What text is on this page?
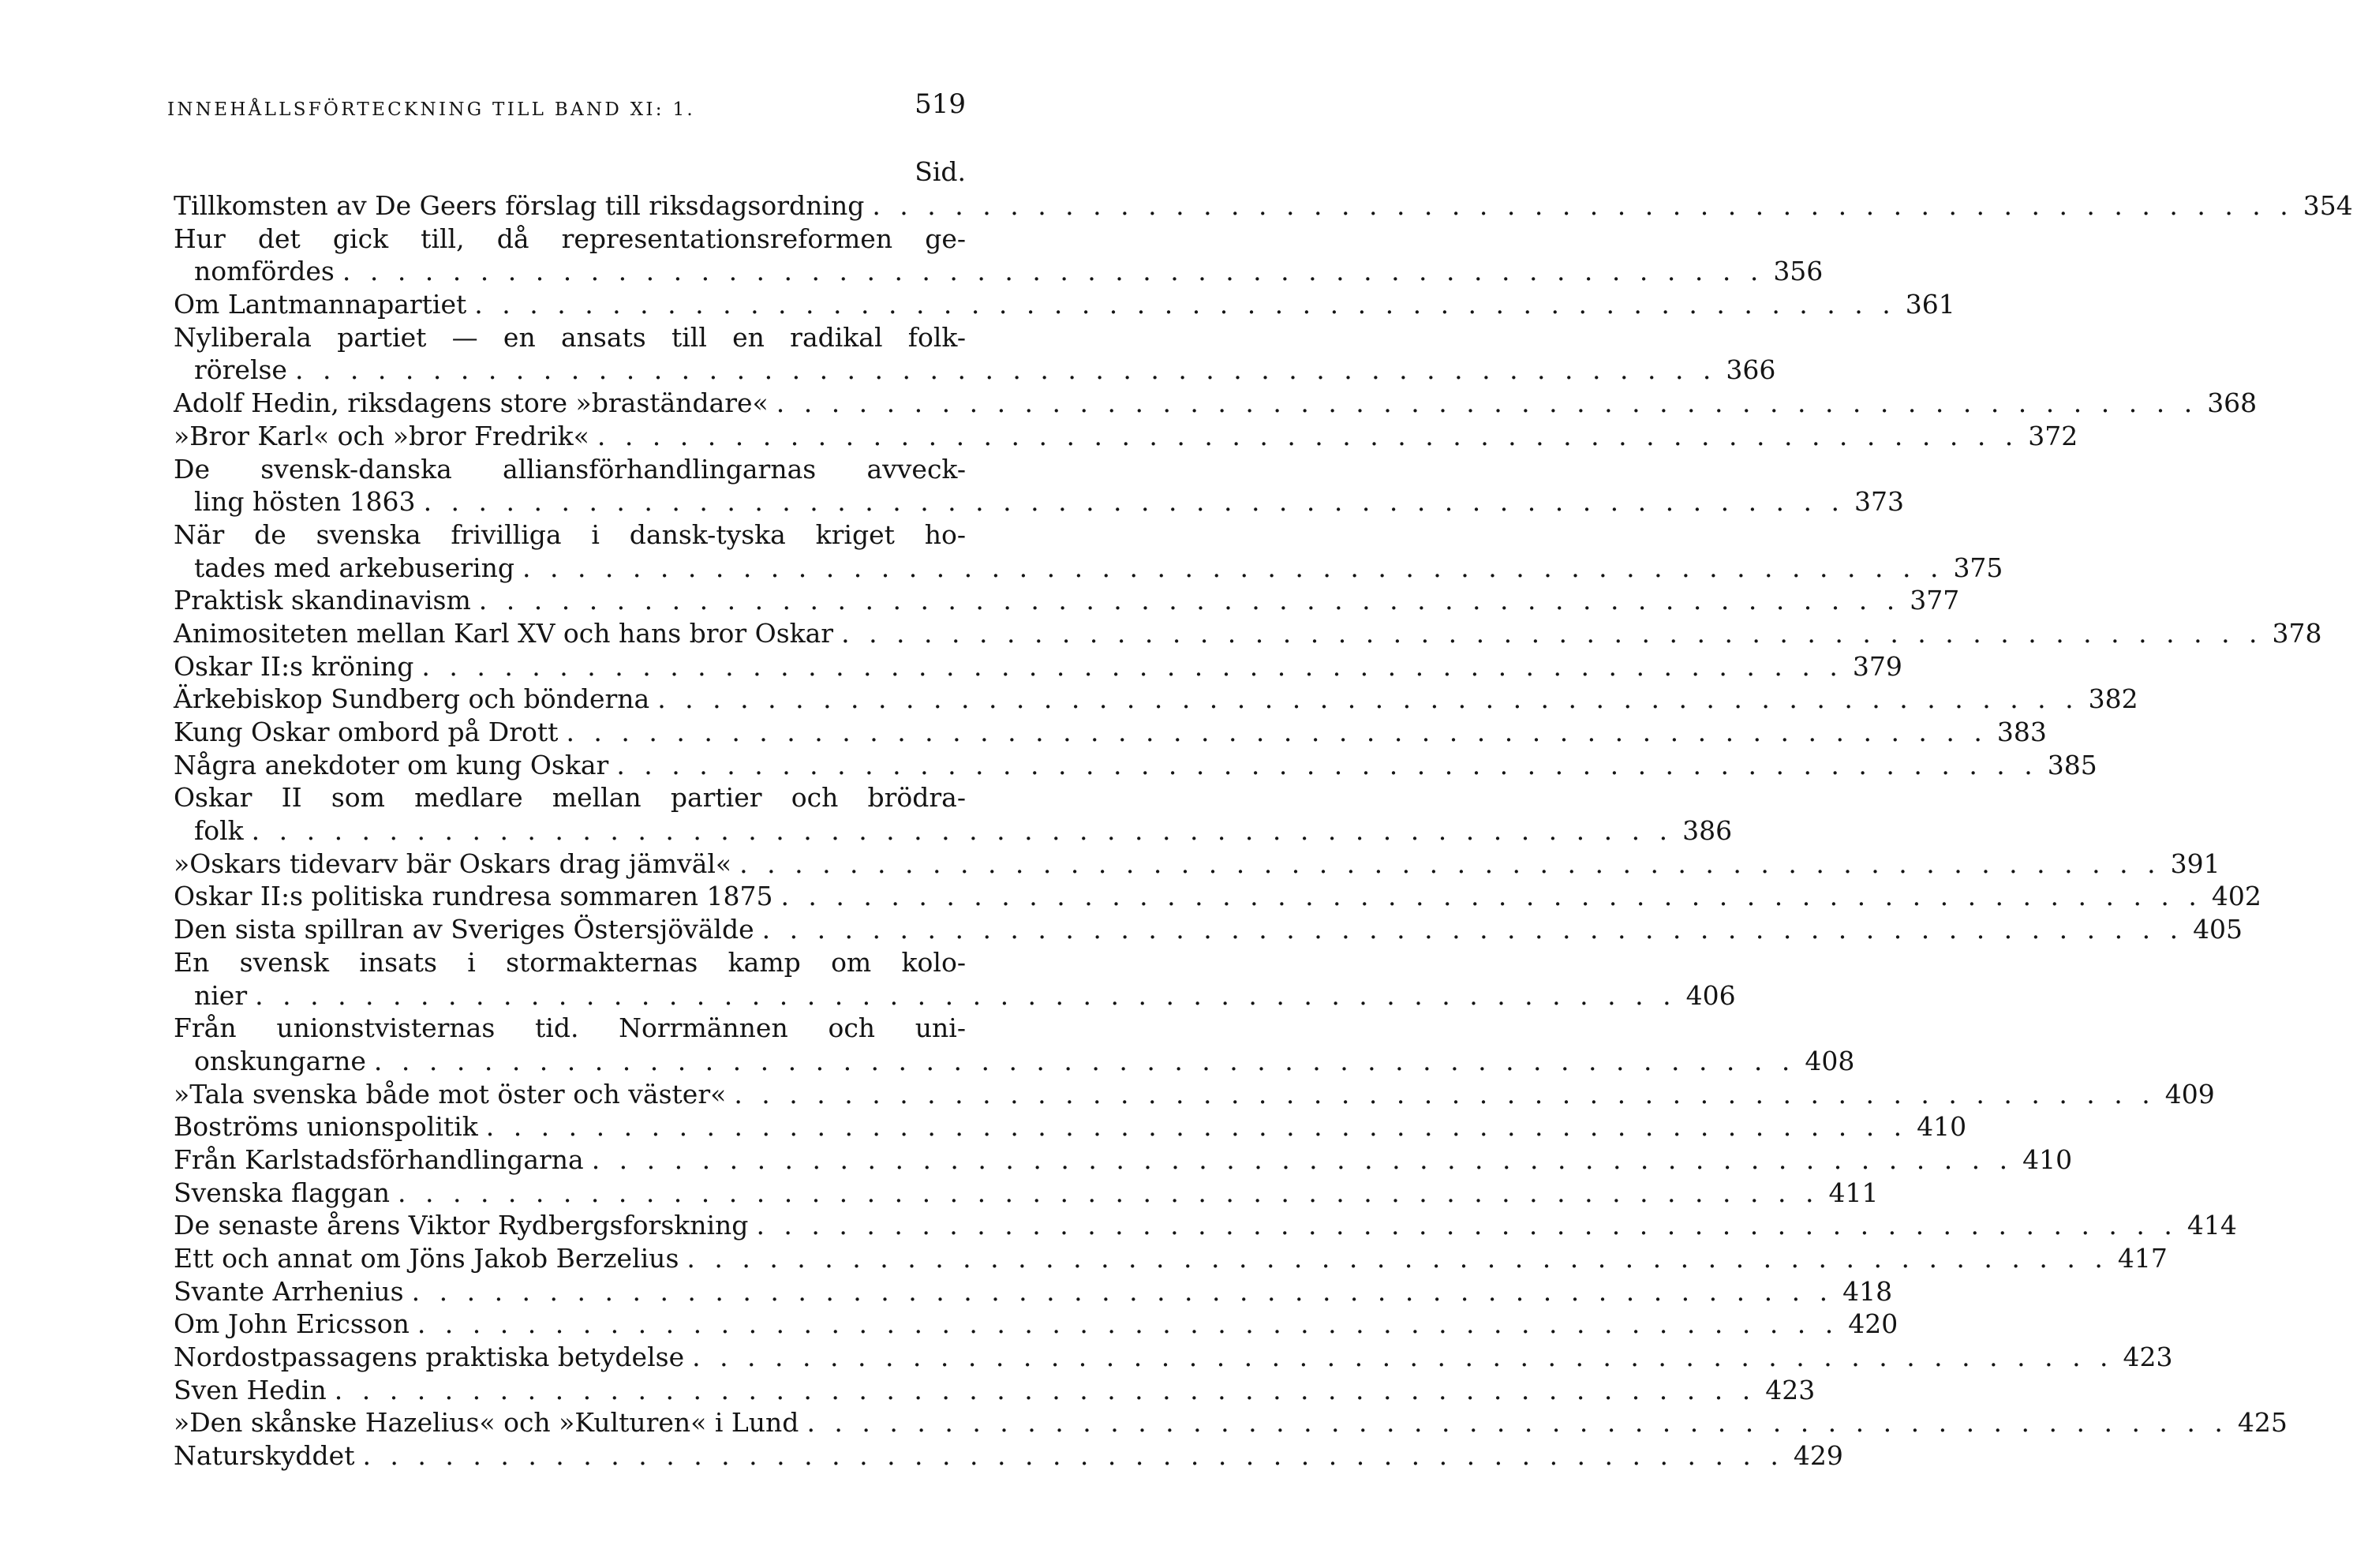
INNEHÅLLSFÖRTECKNING TILL BAND XI: 1.	519
Sid.
Tillkomsten av De Geers förslag till riksdagsordning . . . . . . . . . . . . . . . . . . . . . . . . . . . . . . . . . . . . . . . . . . . . . . . . . . . . 354
Hur det gick till, då representationsreformen ge-
nomfördes . . . . . . . . . . . . . . . . . . . . . . . . . . . . . . . . . . . . . . . . . . . . . . . . . . . . 356
Om Lantmannapartiet . . . . . . . . . . . . . . . . . . . . . . . . . . . . . . . . . . . . . . . . . . . . . . . . . . . . 361
Nyliberala partiet — en ansats till en radikal folk-
rörelse . . . . . . . . . . . . . . . . . . . . . . . . . . . . . . . . . . . . . . . . . . . . . . . . . . . . 366
Adolf Hedin, riksdagens store »braständare« . . . . . . . . . . . . . . . . . . . . . . . . . . . . . . . . . . . . . . . . . . . . . . . . . . . . 368
»Bror Karl« och »bror Fredrik« . . . . . . . . . . . . . . . . . . . . . . . . . . . . . . . . . . . . . . . . . . . . . . . . . . . . 372
De svensk-danska alliansförhandlingarnas avveck-
ling hösten 1863 . . . . . . . . . . . . . . . . . . . . . . . . . . . . . . . . . . . . . . . . . . . . . . . . . . . . 373
När de svenska frivilliga i dansk-tyska kriget ho-
tades med arkebusering . . . . . . . . . . . . . . . . . . . . . . . . . . . . . . . . . . . . . . . . . . . . . . . . . . . . 375
Praktisk skandinavism . . . . . . . . . . . . . . . . . . . . . . . . . . . . . . . . . . . . . . . . . . . . . . . . . . . . 377
Animositeten mellan Karl XV och hans bror Oskar . . . . . . . . . . . . . . . . . . . . . . . . . . . . . . . . . . . . . . . . . . . . . . . . . . . . 378
Oskar II:s kröning . . . . . . . . . . . . . . . . . . . . . . . . . . . . . . . . . . . . . . . . . . . . . . . . . . . . 379
Ärkebiskop Sundberg och bönderna . . . . . . . . . . . . . . . . . . . . . . . . . . . . . . . . . . . . . . . . . . . . . . . . . . . . 382
Kung Oskar ombord på Drott . . . . . . . . . . . . . . . . . . . . . . . . . . . . . . . . . . . . . . . . . . . . . . . . . . . . 383
Några anekdoter om kung Oskar . . . . . . . . . . . . . . . . . . . . . . . . . . . . . . . . . . . . . . . . . . . . . . . . . . . . 385
Oskar II som medlare mellan partier och brödra-
folk . . . . . . . . . . . . . . . . . . . . . . . . . . . . . . . . . . . . . . . . . . . . . . . . . . . . 386
»Oskars tidevarv bär Oskars drag jämväl« . . . . . . . . . . . . . . . . . . . . . . . . . . . . . . . . . . . . . . . . . . . . . . . . . . . . 391
Oskar II:s politiska rundresa sommaren 1875 . . . . . . . . . . . . . . . . . . . . . . . . . . . . . . . . . . . . . . . . . . . . . . . . . . . . 402
Den sista spillran av Sveriges Östersjövälde . . . . . . . . . . . . . . . . . . . . . . . . . . . . . . . . . . . . . . . . . . . . . . . . . . . . 405
En svensk insats i stormakternas kamp om kolo-
nier . . . . . . . . . . . . . . . . . . . . . . . . . . . . . . . . . . . . . . . . . . . . . . . . . . . . 406
Från unionstvisternas tid. Norrmännen och uni-
onskungarne . . . . . . . . . . . . . . . . . . . . . . . . . . . . . . . . . . . . . . . . . . . . . . . . . . . . 408
»Tala svenska både mot öster och väster« . . . . . . . . . . . . . . . . . . . . . . . . . . . . . . . . . . . . . . . . . . . . . . . . . . . . 409
Boströms unionspolitik . . . . . . . . . . . . . . . . . . . . . . . . . . . . . . . . . . . . . . . . . . . . . . . . . . . . 410
Från Karlstadsförhandlingarna . . . . . . . . . . . . . . . . . . . . . . . . . . . . . . . . . . . . . . . . . . . . . . . . . . . . 410
Svenska flaggan . . . . . . . . . . . . . . . . . . . . . . . . . . . . . . . . . . . . . . . . . . . . . . . . . . . . 411
De senaste årens Viktor Rydbergsforskning . . . . . . . . . . . . . . . . . . . . . . . . . . . . . . . . . . . . . . . . . . . . . . . . . . . . 414
Ett och annat om Jöns Jakob Berzelius . . . . . . . . . . . . . . . . . . . . . . . . . . . . . . . . . . . . . . . . . . . . . . . . . . . . 417
Svante Arrhenius . . . . . . . . . . . . . . . . . . . . . . . . . . . . . . . . . . . . . . . . . . . . . . . . . . . . 418
Om John Ericsson . . . . . . . . . . . . . . . . . . . . . . . . . . . . . . . . . . . . . . . . . . . . . . . . . . . . 420
Nordostpassagens praktiska betydelse . . . . . . . . . . . . . . . . . . . . . . . . . . . . . . . . . . . . . . . . . . . . . . . . . . . . 423
Sven Hedin . . . . . . . . . . . . . . . . . . . . . . . . . . . . . . . . . . . . . . . . . . . . . . . . . . . . 423
»Den skånske Hazelius« och »Kulturen« i Lund . . . . . . . . . . . . . . . . . . . . . . . . . . . . . . . . . . . . . . . . . . . . . . . . . . . . 425
Naturskyddet . . . . . . . . . . . . . . . . . . . . . . . . . . . . . . . . . . . . . . . . . . . . . . . . . . . . 429
